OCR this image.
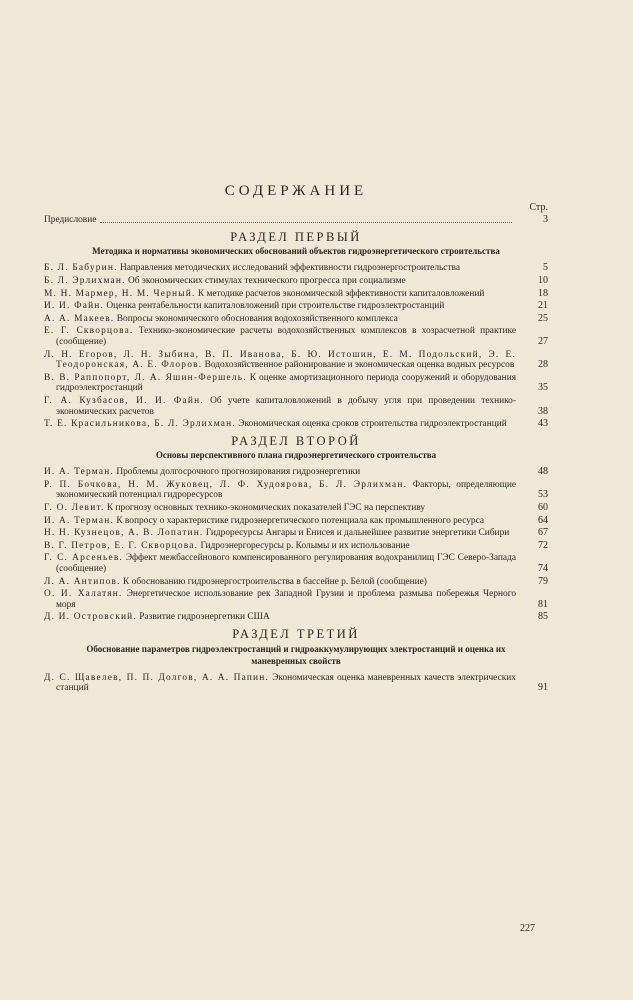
СОДЕРЖАНИЕ
Стр.
Предисловие	3
РАЗДЕЛ ПЕРВЫЙ
Методика и нормативы экономических обоснований объектов гидроэнергетического строительства
Б. Л. Бабурин. Направления методических исследований эффективности гидроэнергостроительства	5
Б. Л. Эрлихман. Об экономических стимулах технического прогресса при социализме	10
М. Н. Мармер, Н. М. Черный. К методике расчетов экономической эффективности капиталовложений	18
И. И. Файн. Оценка рентабельности капиталовложений при строительстве гидроэлектростанций	21
А. А. Макеев. Вопросы экономического обоснования водохозяйственного комплекса	25
Е. Г. Скворцова. Технико-экономические расчеты водохозяйственных комплексов в хозрасчетной практике (сообщение)	27
Л. Н. Егоров, Л. Н. Зыбина, В. П. Иванова, Б. Ю. Истошин, Е. М. Подольский, Э. Е. Теодоронская, А. Е. Флоров. Водохозяйственное районирование и экономическая оценка водных ресурсов	28
В. В. Раппопорт, Л. А. Яшин-Фершель. К оценке амортизационного периода сооружений и оборудования гидроэлектростанций	35
Г. А. Кузбасов, И. И. Файн. Об учете капиталовложений в добычу угля при проведении технико-экономических расчетов	38
Т. Е. Красильникова, Б. Л. Эрлихман. Экономическая оценка сроков строительства гидроэлектростанций	43
РАЗДЕЛ ВТОРОЙ
Основы перспективного плана гидроэнергетического строительства
И. А. Терман. Проблемы долгосрочного прогнозирования гидроэнергетики	48
Р. П. Бочкова, Н. М. Жуковец, Л. Ф. Худоярова, Б. Л. Эрлихман. Факторы, определяющие экономический потенциал гидроресурсов	53
Г. О. Левит. К прогнозу основных технико-экономических показателей ГЭС на перспективу	60
И. А. Терман. К вопросу о характеристике гидроэнергетического потенциала как промышленного ресурса	64
Н. Н. Кузнецов, А. В. Лопатин. Гидроресурсы Ангары и Енисея и дальнейшее развитие энергетики Сибири	67
В. Г. Петров, Е. Г. Скворцова. Гидроэнергоресурсы р. Колымы и их использование	72
Г. С. Арсеньев. Эффект межбассейнового компенсированного регулирования водохранилищ ГЭС Северо-Запада (сообщение)	74
Л. А. Антипов. К обоснованию гидроэнергостроительства в бассейне р. Белой (сообщение)	79
О. И. Халатян. Энергетическое использование рек Западной Грузии и проблема размыва побережья Черного моря	81
Д. И. Островский. Развитие гидроэнергетики США	85
РАЗДЕЛ ТРЕТИЙ
Обоснование параметров гидроэлектростанций и гидроаккумулирующих электростанций и оценка их маневренных свойств
Д. С. Щавелев, П. П. Долгов, А. А. Папин. Экономическая оценка маневренных качеств электрических станций	91
227
